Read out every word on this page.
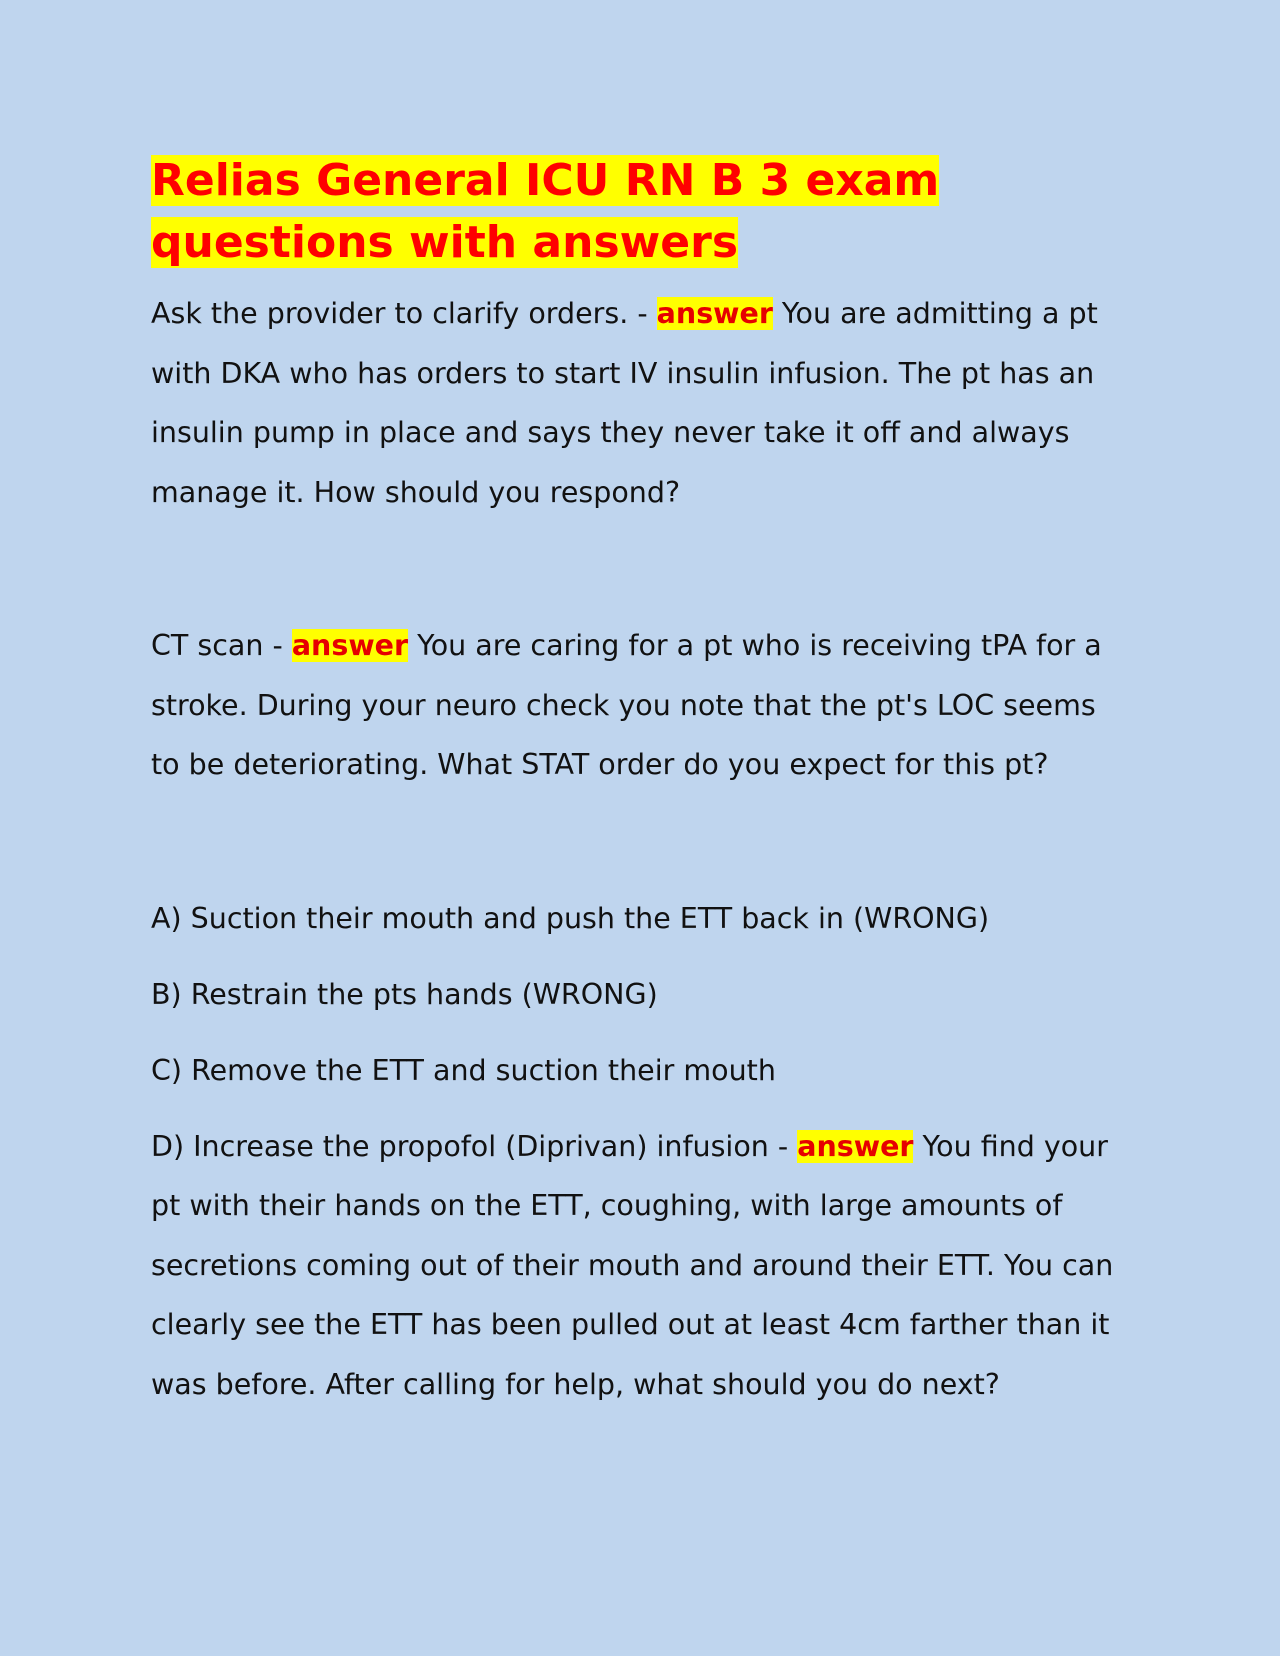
Relias General ICU RN B 3 exam questions with answers

Ask the provider to clarify orders. - answer You are admitting a pt with DKA who has orders to start IV insulin infusion. The pt has an insulin pump in place and says they never take it off and always manage it. How should you respond?

CT scan - answer You are caring for a pt who is receiving tPA for a stroke. During your neuro check you note that the pt's LOC seems to be deteriorating. What STAT order do you expect for this pt?

A) Suction their mouth and push the ETT back in (WRONG)

B) Restrain the pts hands (WRONG)

C) Remove the ETT and suction their mouth

D) Increase the propofol (Diprivan) infusion - answer You find your pt with their hands on the ETT, coughing, with large amounts of secretions coming out of their mouth and around their ETT. You can clearly see the ETT has been pulled out at least 4cm farther than it was before. After calling for help, what should you do next?
